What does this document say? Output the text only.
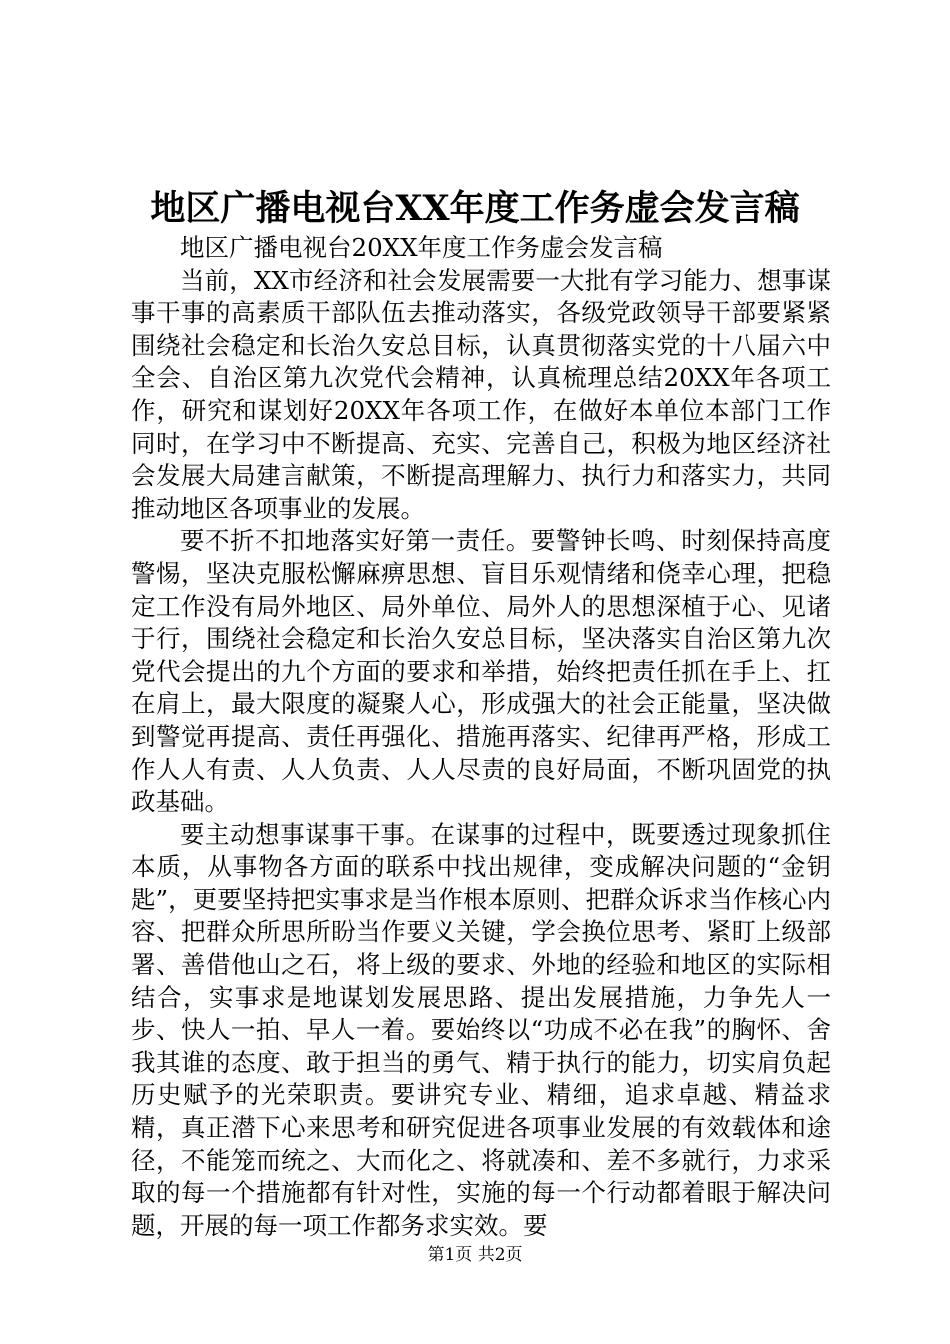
地区广播电视台XX年度工作务虚会发言稿

地区广播电视台20XX年度工作务虚会发言稿

当前，XX市经济和社会发展需要一大批有学习能力、想事谋事干事的高素质干部队伍去推动落实，各级党政领导干部要紧紧围绕社会稳定和长治久安总目标，认真贯彻落实党的十八届六中全会、自治区第九次党代会精神，认真梳理总结20XX年各项工作，研究和谋划好20XX年各项工作，在做好本单位本部门工作同时，在学习中不断提高、充实、完善自己，积极为地区经济社会发展大局建言献策，不断提高理解力、执行力和落实力，共同推动地区各项事业的发展。

要不折不扣地落实好第一责任。要警钟长鸣、时刻保持高度警惕，坚决克服松懈麻痹思想、盲目乐观情绪和侥幸心理，把稳定工作没有局外地区、局外单位、局外人的思想深植于心、见诸于行，围绕社会稳定和长治久安总目标，坚决落实自治区第九次党代会提出的九个方面的要求和举措，始终把责任抓在手上、扛在肩上，最大限度的凝聚人心，形成强大的社会正能量，坚决做到警觉再提高、责任再强化、措施再落实、纪律再严格，形成工作人人有责、人人负责、人人尽责的良好局面，不断巩固党的执政基础。

要主动想事谋事干事。在谋事的过程中，既要透过现象抓住本质，从事物各方面的联系中找出规律，变成解决问题的“金钥匙”，更要坚持把实事求是当作根本原则、把群众诉求当作核心内容、把群众所思所盼当作要义关键，学会换位思考、紧盯上级部署、善借他山之石，将上级的要求、外地的经验和地区的实际相结合，实事求是地谋划发展思路、提出发展措施，力争先人一步、快人一拍、早人一着。要始终以“功成不必在我”的胸怀、舍我其谁的态度、敢于担当的勇气、精于执行的能力，切实肩负起历史赋予的光荣职责。要讲究专业、精细，追求卓越、精益求精，真正潜下心来思考和研究促进各项事业发展的有效载体和途径，不能笼而统之、大而化之、将就凑和、差不多就行，力求采取的每一个措施都有针对性，实施的每一个行动都着眼于解决问题，开展的每一项工作都务求实效。要

第1页 共2页
